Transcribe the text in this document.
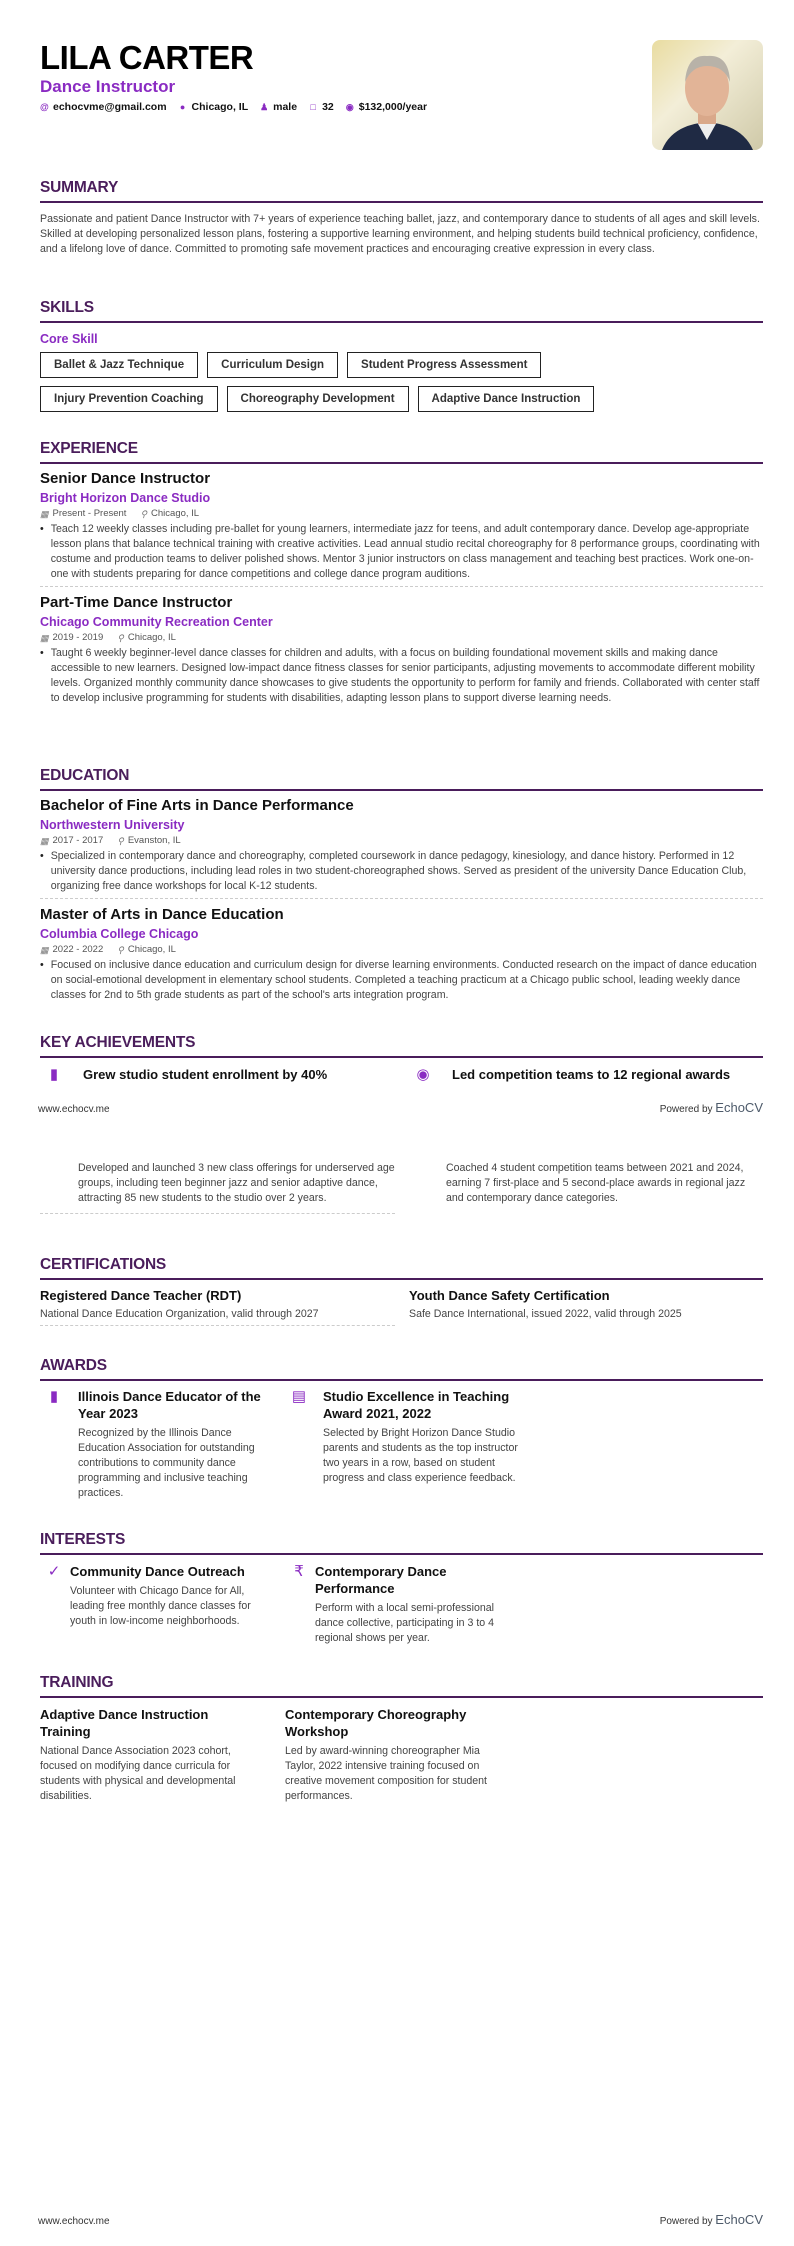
LILA CARTER
Dance Instructor
@ echocvme@gmail.com ● Chicago, IL ♟ male □ 32 ◉ $132,000/year
SUMMARY
Passionate and patient Dance Instructor with 7+ years of experience teaching ballet, jazz, and contemporary dance to students of all ages and skill levels. Skilled at developing personalized lesson plans, fostering a supportive learning environment, and helping students build technical proficiency, confidence, and a lifelong love of dance. Committed to promoting safe movement practices and encouraging creative expression in every class.
SKILLS
Core Skill
Ballet & Jazz Technique	Curriculum Design	Student Progress Assessment
Injury Prevention Coaching	Choreography Development	Adaptive Dance Instruction
EXPERIENCE
Senior Dance Instructor
Bright Horizon Dance Studio
▦ Present - Present ⚲ Chicago, IL
• Teach 12 weekly classes including pre-ballet for young learners, intermediate jazz for teens, and adult contemporary dance. Develop age-appropriate lesson plans that balance technical training with creative activities. Lead annual studio recital choreography for 8 performance groups, coordinating with costume and production teams to deliver polished shows. Mentor 3 junior instructors on class management and teaching best practices. Work one-on-one with students preparing for dance competitions and college dance program auditions.
Part-Time Dance Instructor
Chicago Community Recreation Center
▦ 2019 - 2019 ⚲ Chicago, IL
• Taught 6 weekly beginner-level dance classes for children and adults, with a focus on building foundational movement skills and making dance accessible to new learners. Designed low-impact dance fitness classes for senior participants, adjusting movements to accommodate different mobility levels. Organized monthly community dance showcases to give students the opportunity to perform for family and friends. Collaborated with center staff to develop inclusive programming for students with disabilities, adapting lesson plans to support diverse learning needs.
EDUCATION
Bachelor of Fine Arts in Dance Performance
Northwestern University
▦ 2017 - 2017 ⚲ Evanston, IL
• Specialized in contemporary dance and choreography, completed coursework in dance pedagogy, kinesiology, and dance history. Performed in 12 university dance productions, including lead roles in two student-choreographed shows. Served as president of the university Dance Education Club, organizing free dance workshops for local K-12 students.
Master of Arts in Dance Education
Columbia College Chicago
▦ 2022 - 2022 ⚲ Chicago, IL
• Focused on inclusive dance education and curriculum design for diverse learning environments. Conducted research on the impact of dance education on social-emotional development in elementary school students. Completed a teaching practicum at a Chicago public school, leading weekly dance classes for 2nd to 5th grade students as part of the school's arts integration program.
KEY ACHIEVEMENTS
▮	Grew studio student enrollment by 40%	◉ Led competition teams to 12 regional awards
www.echocv.me	Powered by EchoCV
Developed and launched 3 new class offerings for underserved age groups, including teen beginner jazz and senior adaptive dance, attracting 85 new students to the studio over 2 years.
Coached 4 student competition teams between 2021 and 2024, earning 7 first-place and 5 second-place awards in regional jazz and contemporary dance categories.
CERTIFICATIONS
Registered Dance Teacher (RDT)
National Dance Education Organization, valid through 2027
Youth Dance Safety Certification
Safe Dance International, issued 2022, valid through 2025
AWARDS
▮	Illinois Dance Educator of the Year 2023
Recognized by the Illinois Dance Education Association for outstanding contributions to community dance programming and inclusive teaching practices.
▤ Studio Excellence in Teaching Award 2021, 2022
Selected by Bright Horizon Dance Studio parents and students as the top instructor two years in a row, based on student progress and class experience feedback.
INTERESTS
✓ Community Dance Outreach
Volunteer with Chicago Dance for All, leading free monthly dance classes for youth in low-income neighborhoods.
₹ Contemporary Dance Performance
Perform with a local semi-professional dance collective, participating in 3 to 4 regional shows per year.
TRAINING
Adaptive Dance Instruction Training
National Dance Association 2023 cohort, focused on modifying dance curricula for students with physical and developmental disabilities.
Contemporary Choreography Workshop
Led by award-winning choreographer Mia Taylor, 2022 intensive training focused on creative movement composition for student performances.
www.echocv.me	Powered by EchoCV
